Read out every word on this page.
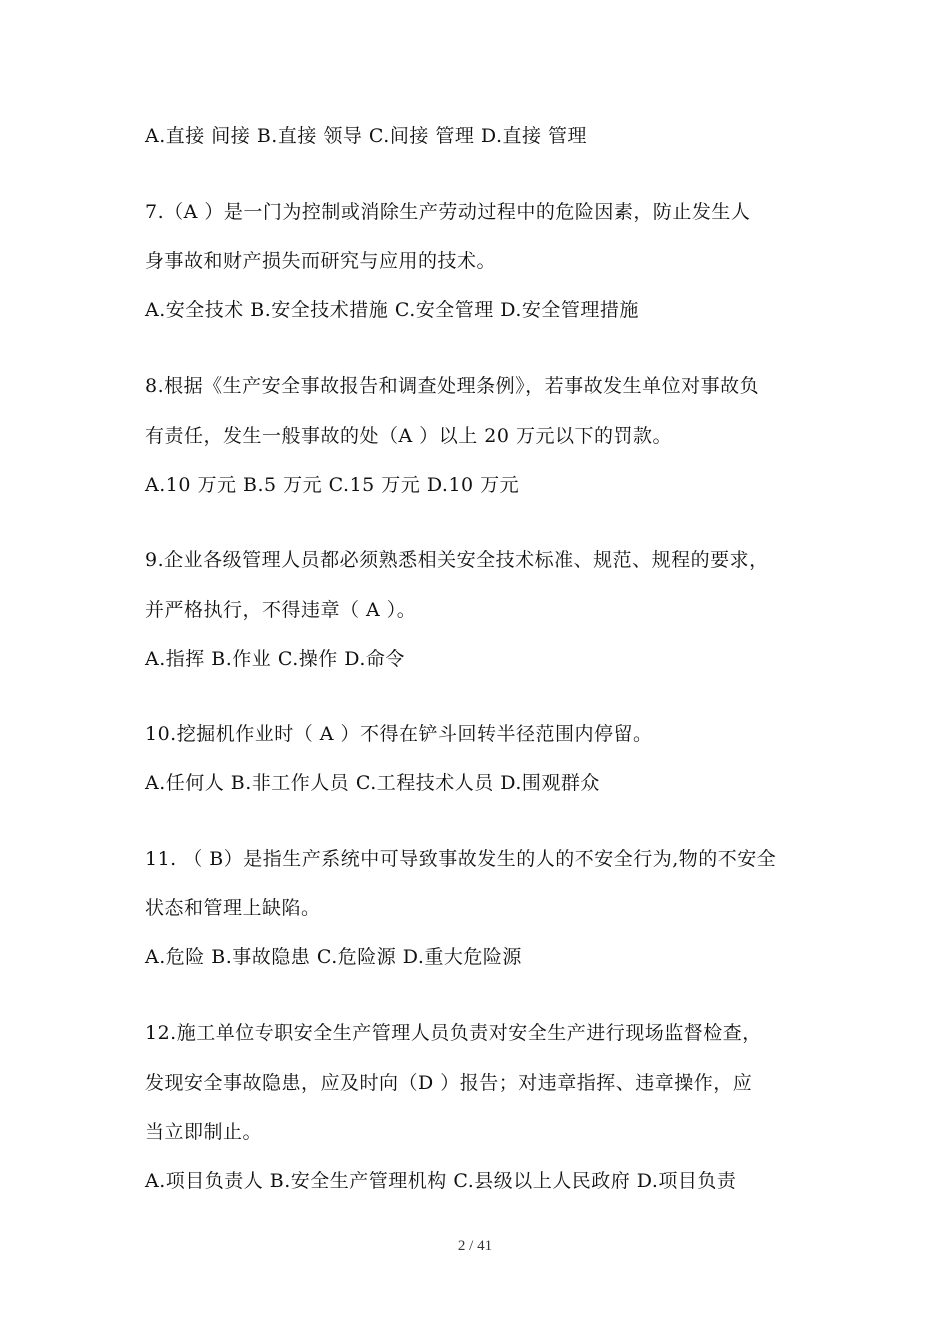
A.直接 间接 B.直接 领导 C.间接 管理 D.直接 管理
7.（A ）是一门为控制或消除生产劳动过程中的危险因素，防止发生人
身事故和财产损失而研究与应用的技术。
A.安全技术 B.安全技术措施 C.安全管理 D.安全管理措施
8.根据《生产安全事故报告和调查处理条例》，若事故发生单位对事故负
有责任，发生一般事故的处（A ）以上 20 万元以下的罚款。
A.10 万元 B.5 万元 C.15 万元 D.10 万元
9.企业各级管理人员都必须熟悉相关安全技术标准、规范、规程的要求，
并严格执行，不得违章（ A ）。
A.指挥 B.作业 C.操作 D.命令
10.挖掘机作业时（ A ）不得在铲斗回转半径范围内停留。
A.任何人 B.非工作人员 C.工程技术人员 D.围观群众
11. （ B）是指生产系统中可导致事故发生的人的不安全行为,物的不安全
状态和管理上缺陷。
A.危险 B.事故隐患 C.危险源 D.重大危险源
12.施工单位专职安全生产管理人员负责对安全生产进行现场监督检查，
发现安全事故隐患，应及时向（D ）报告；对违章指挥、违章操作，应
当立即制止。
A.项目负责人 B.安全生产管理机构 C.县级以上人民政府 D.项目负责
2 / 41
